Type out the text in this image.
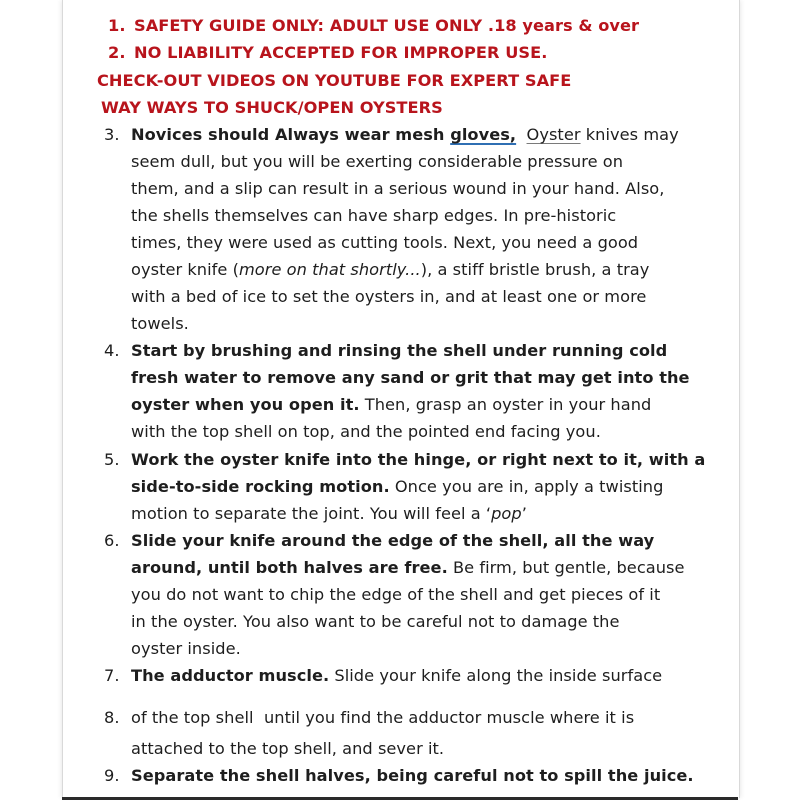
1. SAFETY GUIDE ONLY: ADULT USE ONLY .18 years & over
2. NO LIABILITY ACCEPTED FOR IMPROPER USE.
CHECK-OUT VIDEOS ON YOUTUBE FOR EXPERT SAFE
WAY WAYS TO SHUCK/OPEN OYSTERS
3. Novices should Always wear mesh gloves, Oyster knives may
seem dull, but you will be exerting considerable pressure on
them, and a slip can result in a serious wound in your hand. Also,
the shells themselves can have sharp edges. In pre-historic
times, they were used as cutting tools. Next, you need a good
oyster knife (more on that shortly...), a stiff bristle brush, a tray
with a bed of ice to set the oysters in, and at least one or more
towels.
4. Start by brushing and rinsing the shell under running cold
fresh water to remove any sand or grit that may get into the
oyster when you open it. Then, grasp an oyster in your hand
with the top shell on top, and the pointed end facing you.
5. Work the oyster knife into the hinge, or right next to it, with a
side-to-side rocking motion. Once you are in, apply a twisting
motion to separate the joint. You will feel a ‘pop’
6. Slide your knife around the edge of the shell, all the way
around, until both halves are free. Be firm, but gentle, because
you do not want to chip the edge of the shell and get pieces of it
in the oyster. You also want to be careful not to damage the
oyster inside.
7. The adductor muscle. Slide your knife along the inside surface
8. of the top shell  until you find the adductor muscle where it is
attached to the top shell, and sever it.
9. Separate the shell halves, being careful not to spill the juice.
